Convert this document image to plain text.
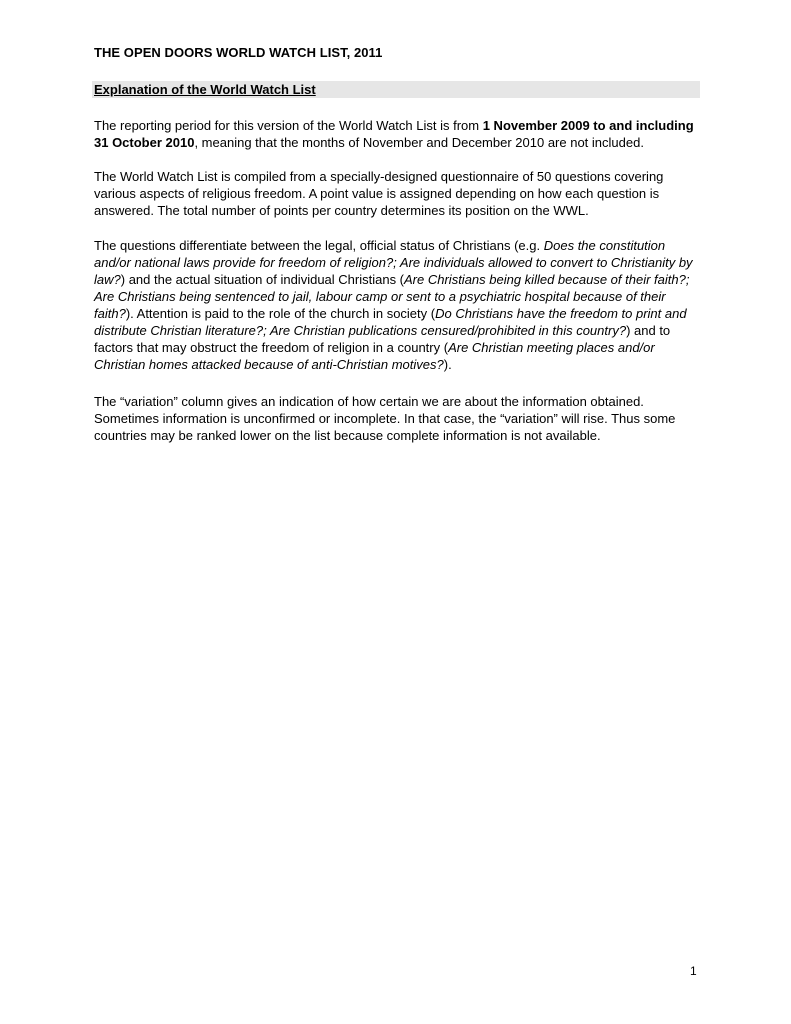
THE OPEN DOORS WORLD WATCH LIST, 2011
Explanation of the World Watch List
The reporting period for this version of the World Watch List is from 1 November 2009 to and including 31 October 2010, meaning that the months of November and December 2010 are not included.
The World Watch List is compiled from a specially-designed questionnaire of 50 questions covering various aspects of religious freedom. A point value is assigned depending on how each question is answered. The total number of points per country determines its position on the WWL.
The questions differentiate between the legal, official status of Christians (e.g. Does the constitution and/or national laws provide for freedom of religion?; Are individuals allowed to convert to Christianity by law?) and the actual situation of individual Christians (Are Christians being killed because of their faith?; Are Christians being sentenced to jail, labour camp or sent to a psychiatric hospital because of their faith?). Attention is paid to the role of the church in society (Do Christians have the freedom to print and distribute Christian literature?; Are Christian publications censured/prohibited in this country?) and to factors that may obstruct the freedom of religion in a country (Are Christian meeting places and/or Christian homes attacked because of anti-Christian motives?).
The “variation” column gives an indication of how certain we are about the information obtained. Sometimes information is unconfirmed or incomplete. In that case, the “variation” will rise. Thus some countries may be ranked lower on the list because complete information is not available.
1
